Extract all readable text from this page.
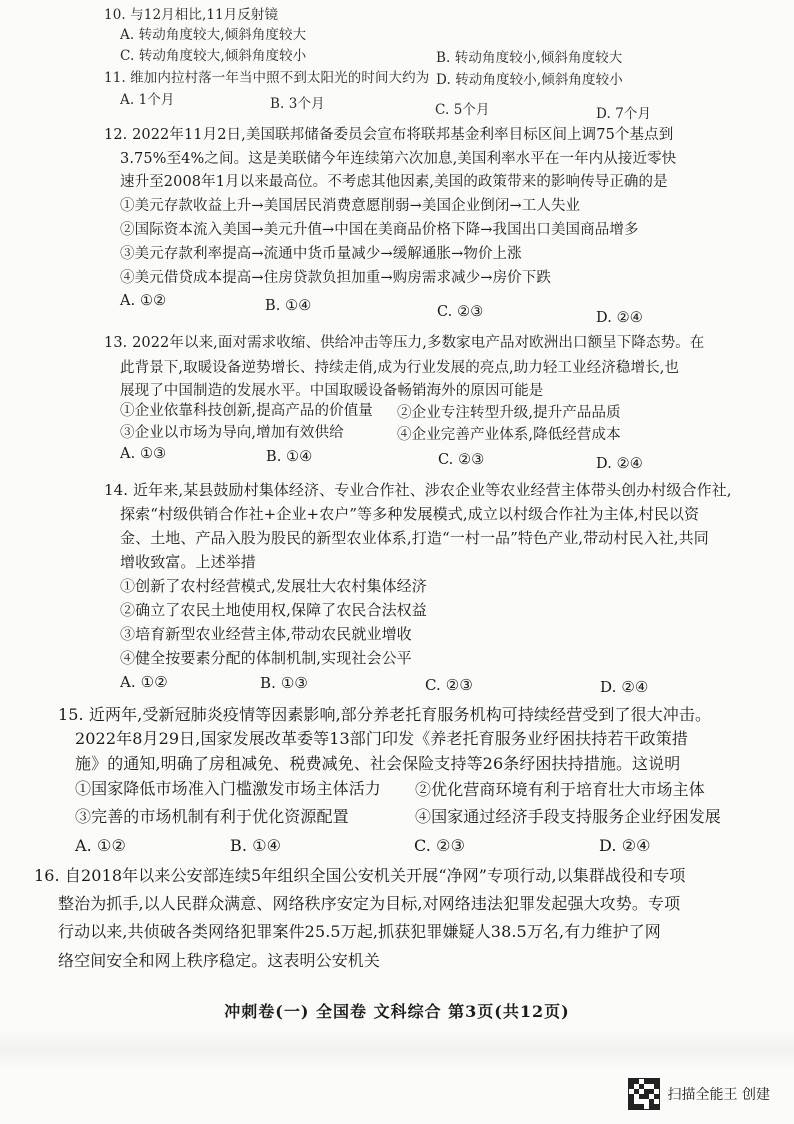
10. 与12月相比,11月反射镜
A. 转动角度较大,倾斜角度较大
C. 转动角度较大,倾斜角度较小	B. 转动角度较小,倾斜角度较大
11. 维加内拉村落一年当中照不到太阳光的时间大约为 D. 转动角度较小,倾斜角度较小
A. 1个月	B. 3个月	C. 5个月	D. 7个月
12. 2022年11月2日,美国联邦储备委员会宣布将联邦基金利率目标区间上调75个基点到
3.75%至4%之间。这是美联储今年连续第六次加息,美国利率水平在一年内从接近零快
速升至2008年1月以来最高位。不考虑其他因素,美国的政策带来的影响传导正确的是
①美元存款收益上升→美国居民消费意愿削弱→美国企业倒闭→工人失业
②国际资本流入美国→美元升值→中国在美商品价格下降→我国出口美国商品增多
③美元存款利率提高→流通中货币量减少→缓解通胀→物价上涨
④美元借贷成本提高→住房贷款负担加重→购房需求减少→房价下跌
A. ①②	B. ①④	C. ②③	D. ②④
13. 2022年以来,面对需求收缩、供给冲击等压力,多数家电产品对欧洲出口额呈下降态势。在
此背景下,取暖设备逆势增长、持续走俏,成为行业发展的亮点,助力轻工业经济稳增长,也
展现了中国制造的发展水平。中国取暖设备畅销海外的原因可能是
①企业依靠科技创新,提高产品的价值量 ②企业专注转型升级,提升产品品质
③企业以市场为导向,增加有效供给	④企业完善产业体系,降低经营成本
A. ①③	B. ①④	C. ②③	D. ②④
14. 近年来,某县鼓励村集体经济、专业合作社、涉农企业等农业经营主体带头创办村级合作社,
探索“村级供销合作社+企业+农户”等多种发展模式,成立以村级合作社为主体,村民以资
金、土地、产品入股为股民的新型农业体系,打造“一村一品”特色产业,带动村民入社,共同
增收致富。上述举措
①创新了农村经营模式,发展壮大农村集体经济
②确立了农民土地使用权,保障了农民合法权益
③培育新型农业经营主体,带动农民就业增收
④健全按要素分配的体制机制,实现社会公平
A. ①②	B. ①③	C. ②③	D. ②④
15. 近两年,受新冠肺炎疫情等因素影响,部分养老托育服务机构可持续经营受到了很大冲击。
2022年8月29日,国家发展改革委等13部门印发《养老托育服务业纾困扶持若干政策措
施》的通知,明确了房租减免、税费减免、社会保险支持等26条纾困扶持措施。这说明
①国家降低市场准入门槛激发市场主体活力 ②优化营商环境有利于培育壮大市场主体
③完善的市场机制有利于优化资源配置	④国家通过经济手段支持服务企业纾困发展
A. ①②	B. ①④	C. ②③	D. ②④
16. 自2018年以来公安部连续5年组织全国公安机关开展“净网”专项行动,以集群战役和专项
整治为抓手,以人民群众满意、网络秩序安定为目标,对网络违法犯罪发起强大攻势。专项
行动以来,共侦破各类网络犯罪案件25.5万起,抓获犯罪嫌疑人38.5万名,有力维护了网
络空间安全和网上秩序稳定。这表明公安机关
冲刺卷(一) 全国卷 文科综合 第3页(共12页)
扫描全能王 创建
